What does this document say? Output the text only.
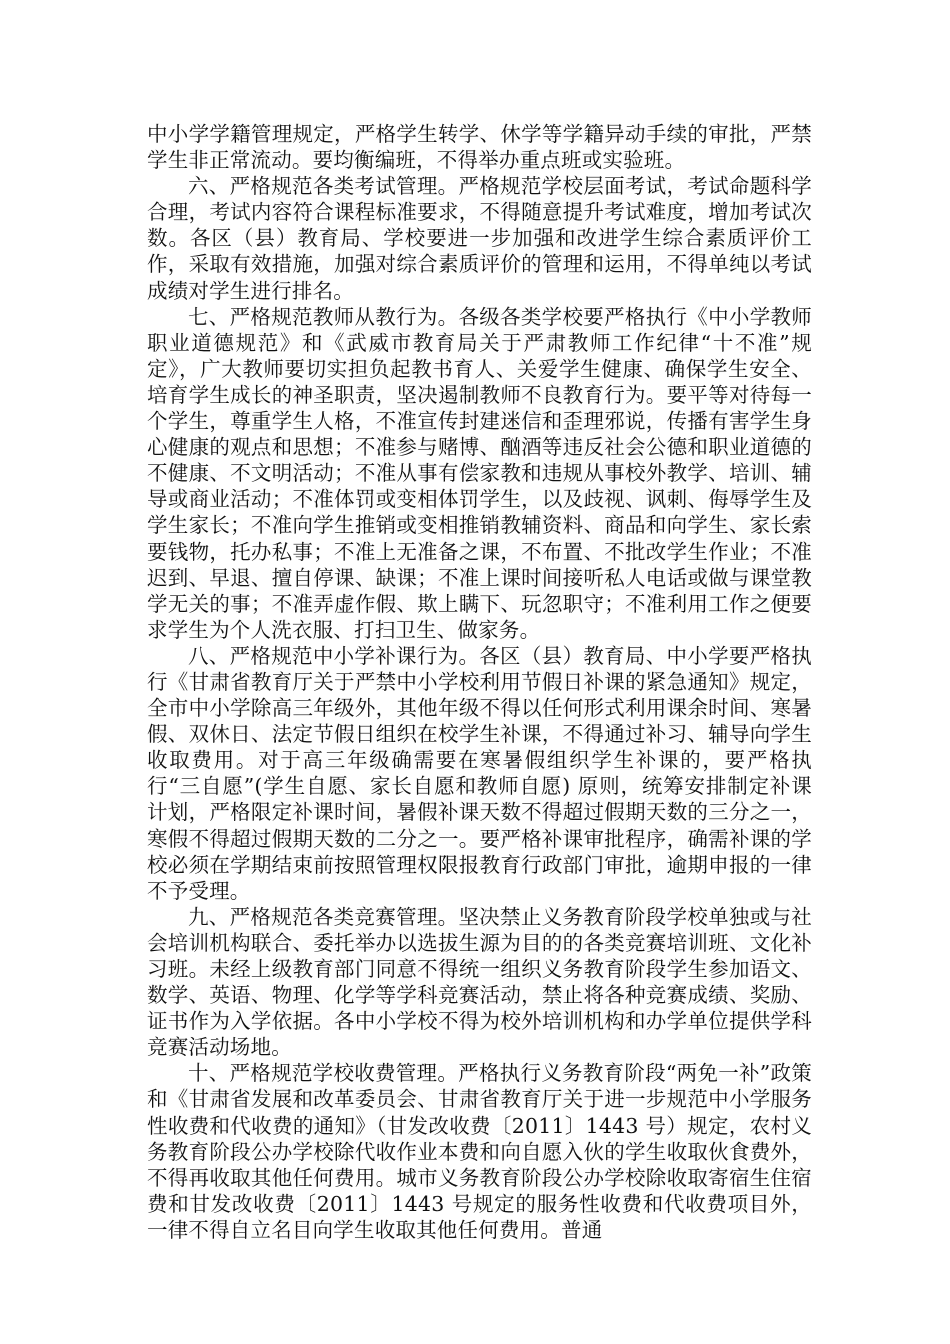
中小学学籍管理规定，严格学生转学、休学等学籍异动手续的审批，严禁学生非正常流动。要均衡编班，不得举办重点班或实验班。

六、严格规范各类考试管理。严格规范学校层面考试，考试命题科学合理，考试内容符合课程标准要求，不得随意提升考试难度，增加考试次数。各区（县）教育局、学校要进一步加强和改进学生综合素质评价工作，采取有效措施，加强对综合素质评价的管理和运用，不得单纯以考试成绩对学生进行排名。

七、严格规范教师从教行为。各级各类学校要严格执行《中小学教师职业道德规范》和《武威市教育局关于严肃教师工作纪律“十不准”规定》，广大教师要切实担负起教书育人、关爱学生健康、确保学生安全、培育学生成长的神圣职责，坚决遏制教师不良教育行为。要平等对待每一个学生，尊重学生人格，不准宣传封建迷信和歪理邪说，传播有害学生身心健康的观点和思想；不准参与赌博、酗酒等违反社会公德和职业道德的不健康、不文明活动；不准从事有偿家教和违规从事校外教学、培训、辅导或商业活动；不准体罚或变相体罚学生，以及歧视、讽刺、侮辱学生及学生家长；不准向学生推销或变相推销教辅资料、商品和向学生、家长索要钱物，托办私事；不准上无准备之课，不布置、不批改学生作业；不准迟到、早退、擅自停课、缺课；不准上课时间接听私人电话或做与课堂教学无关的事；不准弄虚作假、欺上瞒下、玩忽职守；不准利用工作之便要求学生为个人洗衣服、打扫卫生、做家务。

八、严格规范中小学补课行为。各区（县）教育局、中小学要严格执行《甘肃省教育厅关于严禁中小学校利用节假日补课的紧急通知》规定，全市中小学除高三年级外，其他年级不得以任何形式利用课余时间、寒暑假、双休日、法定节假日组织在校学生补课，不得通过补习、辅导向学生收取费用。对于高三年级确需要在寒暑假组织学生补课的，要严格执行“三自愿”(学生自愿、家长自愿和教师自愿) 原则，统筹安排制定补课计划，严格限定补课时间，暑假补课天数不得超过假期天数的三分之一，寒假不得超过假期天数的二分之一。要严格补课审批程序，确需补课的学校必须在学期结束前按照管理权限报教育行政部门审批，逾期申报的一律不予受理。

九、严格规范各类竞赛管理。坚决禁止义务教育阶段学校单独或与社会培训机构联合、委托举办以选拔生源为目的的各类竞赛培训班、文化补习班。未经上级教育部门同意不得统一组织义务教育阶段学生参加语文、数学、英语、物理、化学等学科竞赛活动，禁止将各种竞赛成绩、奖励、证书作为入学依据。各中小学校不得为校外培训机构和办学单位提供学科竞赛活动场地。

十、严格规范学校收费管理。严格执行义务教育阶段“两免一补”政策和《甘肃省发展和改革委员会、甘肃省教育厅关于进一步规范中小学服务性收费和代收费的通知》（甘发改收费〔2011〕1443 号）规定，农村义务教育阶段公办学校除代收作业本费和向自愿入伙的学生收取伙食费外，不得再收取其他任何费用。城市义务教育阶段公办学校除收取寄宿生住宿费和甘发改收费〔2011〕1443 号规定的服务性收费和代收费项目外，一律不得自立名目向学生收取其他任何费用。普通
